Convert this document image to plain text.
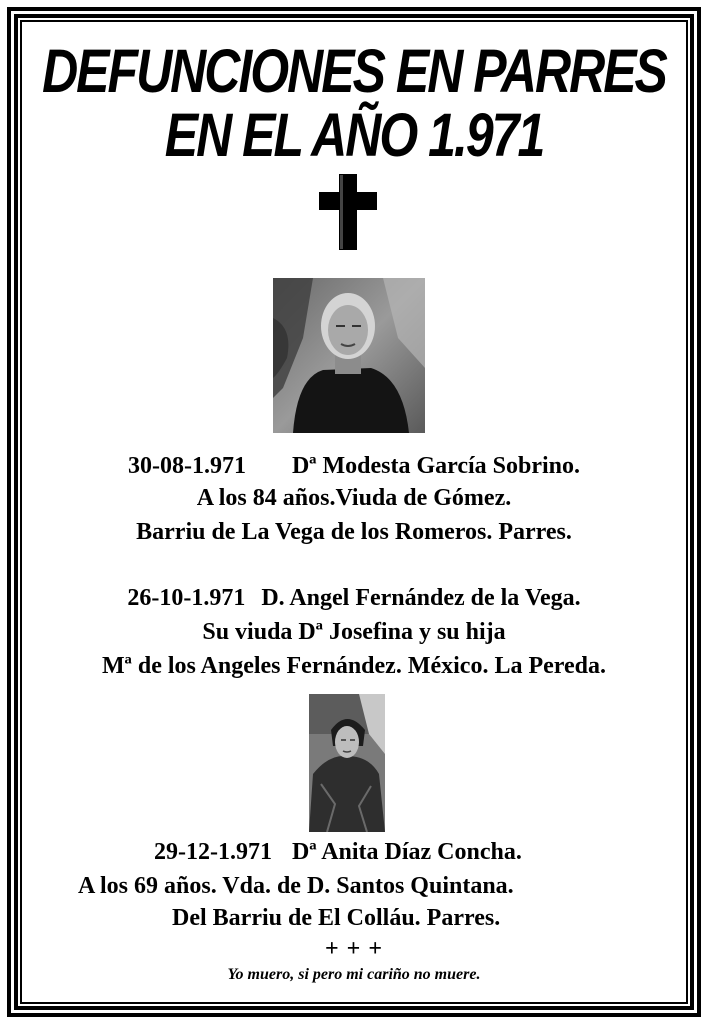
DEFUNCIONES EN PARRES
EN EL AÑO 1.971
30-08-1.971 Dª Modesta García Sobrino.
A los 84 años.Viuda de Gómez.
Barriu de La Vega de los Romeros. Parres.
26-10-1.971 D. Angel Fernández de la Vega.
Su viuda Dª Josefina y su hija
Mª de los Angeles Fernández. México. La Pereda.
29-12-1.971 Dª Anita Díaz Concha.
A los 69 años. Vda. de D. Santos Quintana.
Del Barriu de El Colláu. Parres.
+ + +
Yo muero, si pero mi cariño no muere.
